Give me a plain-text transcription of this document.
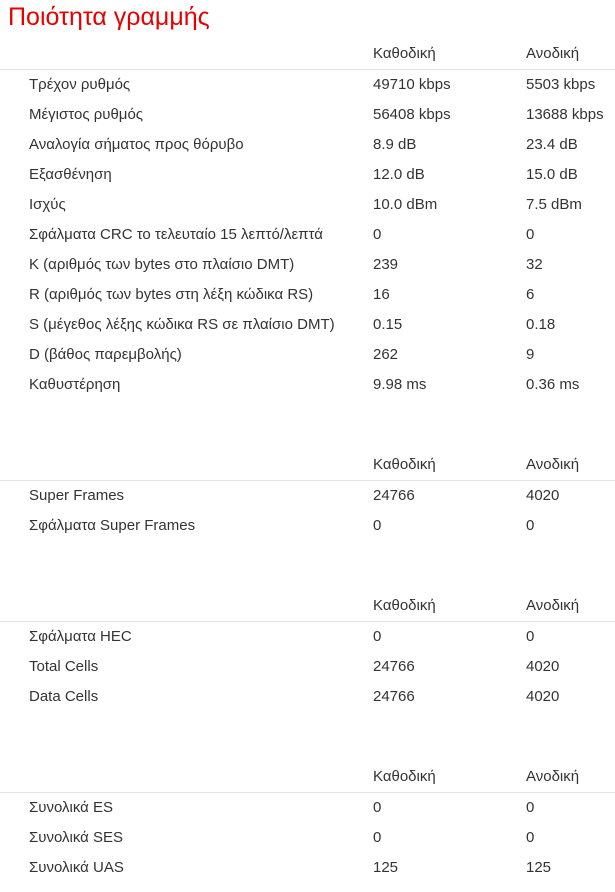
Ποιότητα γραμμής
Καθοδική	Ανοδική
Τρέχον ρυθμός	49710 kbps	5503 kbps
Μέγιστος ρυθμός	56408 kbps	13688 kbps
Αναλογία σήματος προς θόρυβο	8.9 dB	23.4 dB
Εξασθένηση	12.0 dB	15.0 dB
Ισχύς	10.0 dBm	7.5 dBm
Σφάλματα CRC το τελευταίο 15 λεπτό/λεπτά	0	0
K (αριθμός των bytes στο πλαίσιο DMT)	239	32
R (αριθμός των bytes στη λέξη κώδικα RS)	16	6
S (μέγεθος λέξης κώδικα RS σε πλαίσιο DMT)	0.15	0.18
D (βάθος παρεμβολής)	262	9
Καθυστέρηση	9.98 ms	0.36 ms
Καθοδική	Ανοδική
Super Frames	24766	4020
Σφάλματα Super Frames	0	0
Καθοδική	Ανοδική
Σφάλματα HEC	0	0
Total Cells	24766	4020
Data Cells	24766	4020
Καθοδική	Ανοδική
Συνολικά ES	0	0
Συνολικά SES	0	0
Συνολικά UAS	125	125
